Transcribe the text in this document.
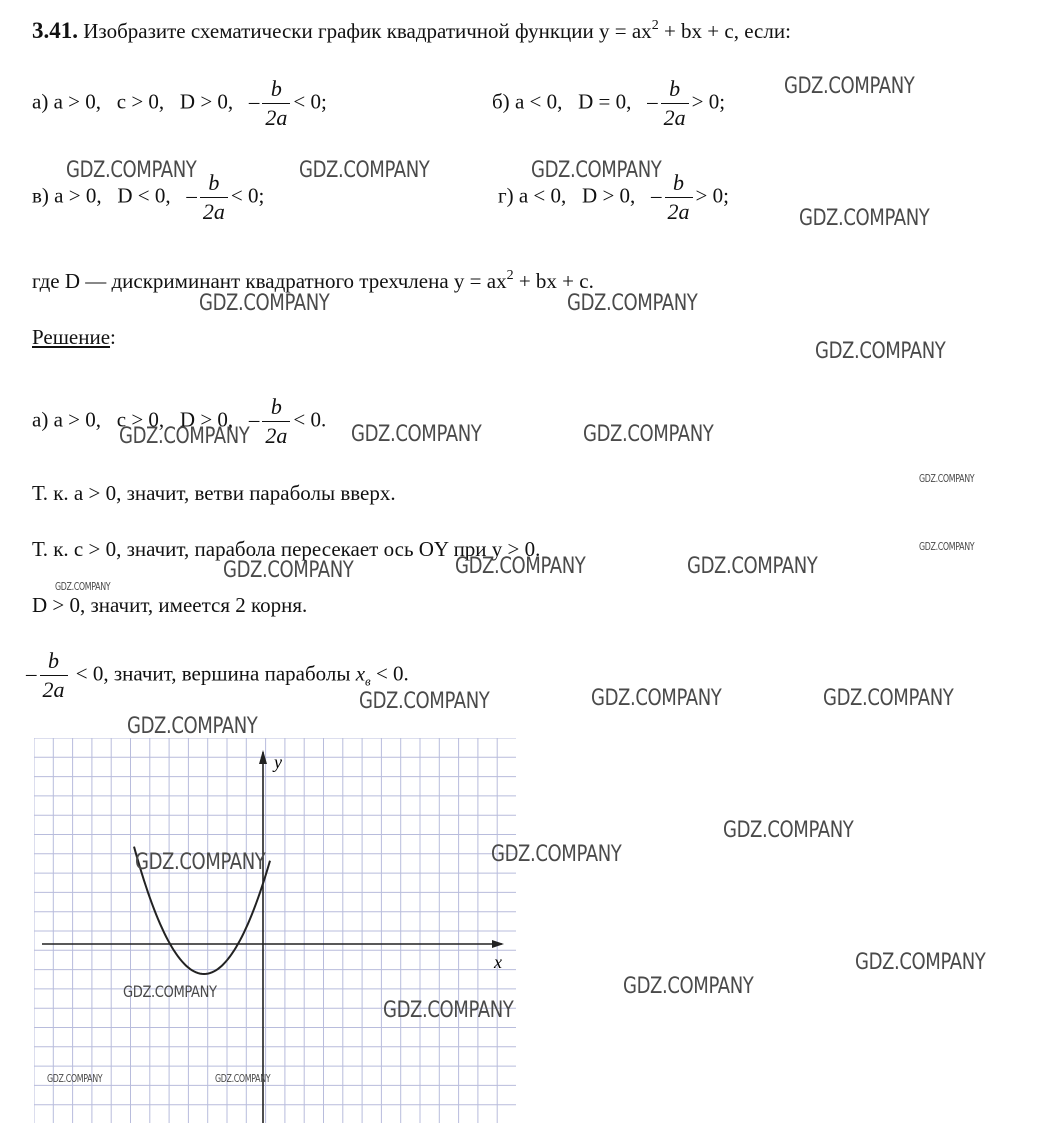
3.41. Изобразите схематически график квадратичной функции $y = ax^2$ + bx + c, если:
а) a > 0,   c > 0,   D > 0,   – $\frac{b}{2a} < 0$;	б) a < 0,   D = 0,   – $\frac{b}{2a} > 0$;
в) a > 0,   D < 0,   – $\frac{b}{2a} < 0$;	г) a < 0,   D > 0,   – $\frac{b}{2a} > 0$;
где D — дискриминант квадратного трехчлена $y = ax^2$ + bx + c.
Решение:
а) a > 0,   c > 0,   D > 0,   – $\frac{b}{2a} < 0$.
Т. к. a > 0, значит, ветви параболы вверх.
Т. к. c > 0, значит, парабола пересекает ось OY при y > 0.
D > 0, значит, имеется 2 корня.
– $\frac{b}{2a} < 0$, значит, вершина параболы $x_в < 0$.
x
y
GDZ.COMPANY
GDZ.COMPANY	GDZ.COMPANY	GDZ.COMPANY
GDZ.COMPANY
GDZ.COMPANY	GDZ.COMPANY
GDZ.COMPANY
GDZ.COMPANY	GDZ.COMPANY	GDZ.COMPANY
GDZ.COMPANY
GDZ.COMPANY
GDZ.COMPANY	GDZ.COMPANY	GDZ.COMPANY
GDZ.COMPANY
GDZ.COMPANY	GDZ.COMPANY	GDZ.COMPANY
GDZ.COMPANY
GDZ.COMPANY
GDZ.COMPANY
GDZ.COMPANY
GDZ.COMPANY
GDZ.COMPANY
GDZ.COMPANY
GDZ.COMPANY
GDZ.COMPANY	GDZ.COMPANY
